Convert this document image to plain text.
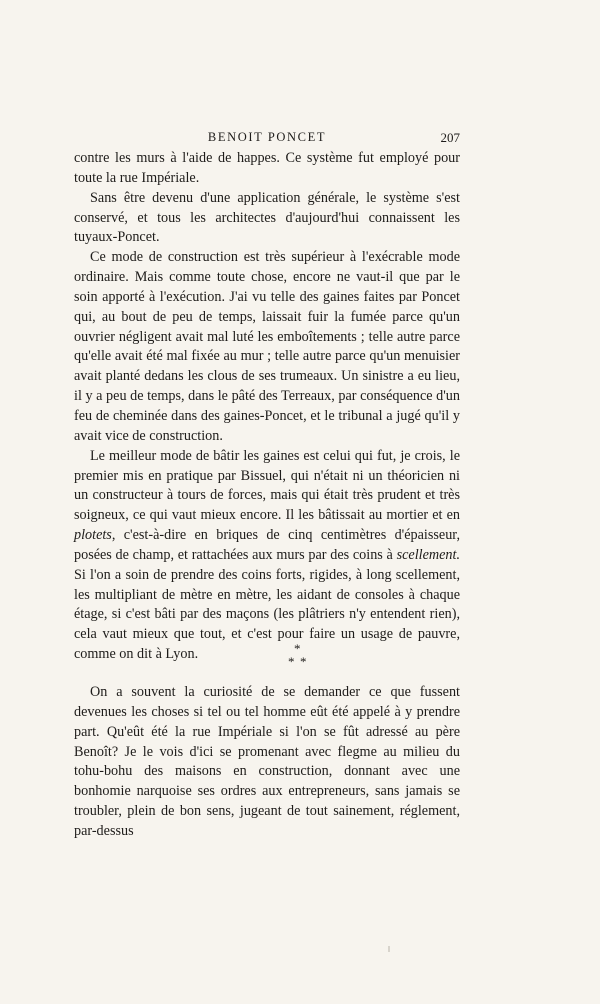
BENOIT PONCET	207

contre les murs à l'aide de happes. Ce système fut employé pour toute la rue Impériale.

Sans être devenu d'une application générale, le système s'est conservé, et tous les architectes d'aujourd'hui connaissent les tuyaux-Poncet.

Ce mode de construction est très supérieur à l'exécrable mode ordinaire. Mais comme toute chose, encore ne vaut-il que par le soin apporté à l'exécution. J'ai vu telle des gaines faites par Poncet qui, au bout de peu de temps, laissait fuir la fumée parce qu'un ouvrier négligent avait mal luté les emboîtements ; telle autre parce qu'elle avait été mal fixée au mur ; telle autre parce qu'un menuisier avait planté dedans les clous de ses trumeaux. Un sinistre a eu lieu, il y a peu de temps, dans le pâté des Terreaux, par conséquence d'un feu de cheminée dans des gaines-Poncet, et le tribunal a jugé qu'il y avait vice de construction.

Le meilleur mode de bâtir les gaines est celui qui fut, je crois, le premier mis en pratique par Bissuel, qui n'était ni un théoricien ni un constructeur à tours de forces, mais qui était très prudent et très soigneux, ce qui vaut mieux encore. Il les bâtissait au mortier et en plotets, c'est-à-dire en briques de cinq centimètres d'épaisseur, posées de champ, et rattachées aux murs par des coins à scellement. Si l'on a soin de prendre des coins forts, rigides, à long scellement, les multipliant de mètre en mètre, les aidant de consoles à chaque étage, si c'est bâti par des maçons (les plâtriers n'y entendent rien), cela vaut mieux que tout, et c'est pour faire un usage de pauvre, comme on dit à Lyon.	*
* *

On a souvent la curiosité de se demander ce que fussent devenues les choses si tel ou tel homme eût été appelé à y prendre part. Qu'eût été la rue Impériale si l'on se fût adressé au père Benoît? Je le vois d'ici se promenant avec flegme au milieu du tohu-bohu des maisons en construction, donnant avec une bonhomie narquoise ses ordres aux entrepreneurs, sans jamais se troubler, plein de bon sens, jugeant de tout sainement, réglement, par-dessus
